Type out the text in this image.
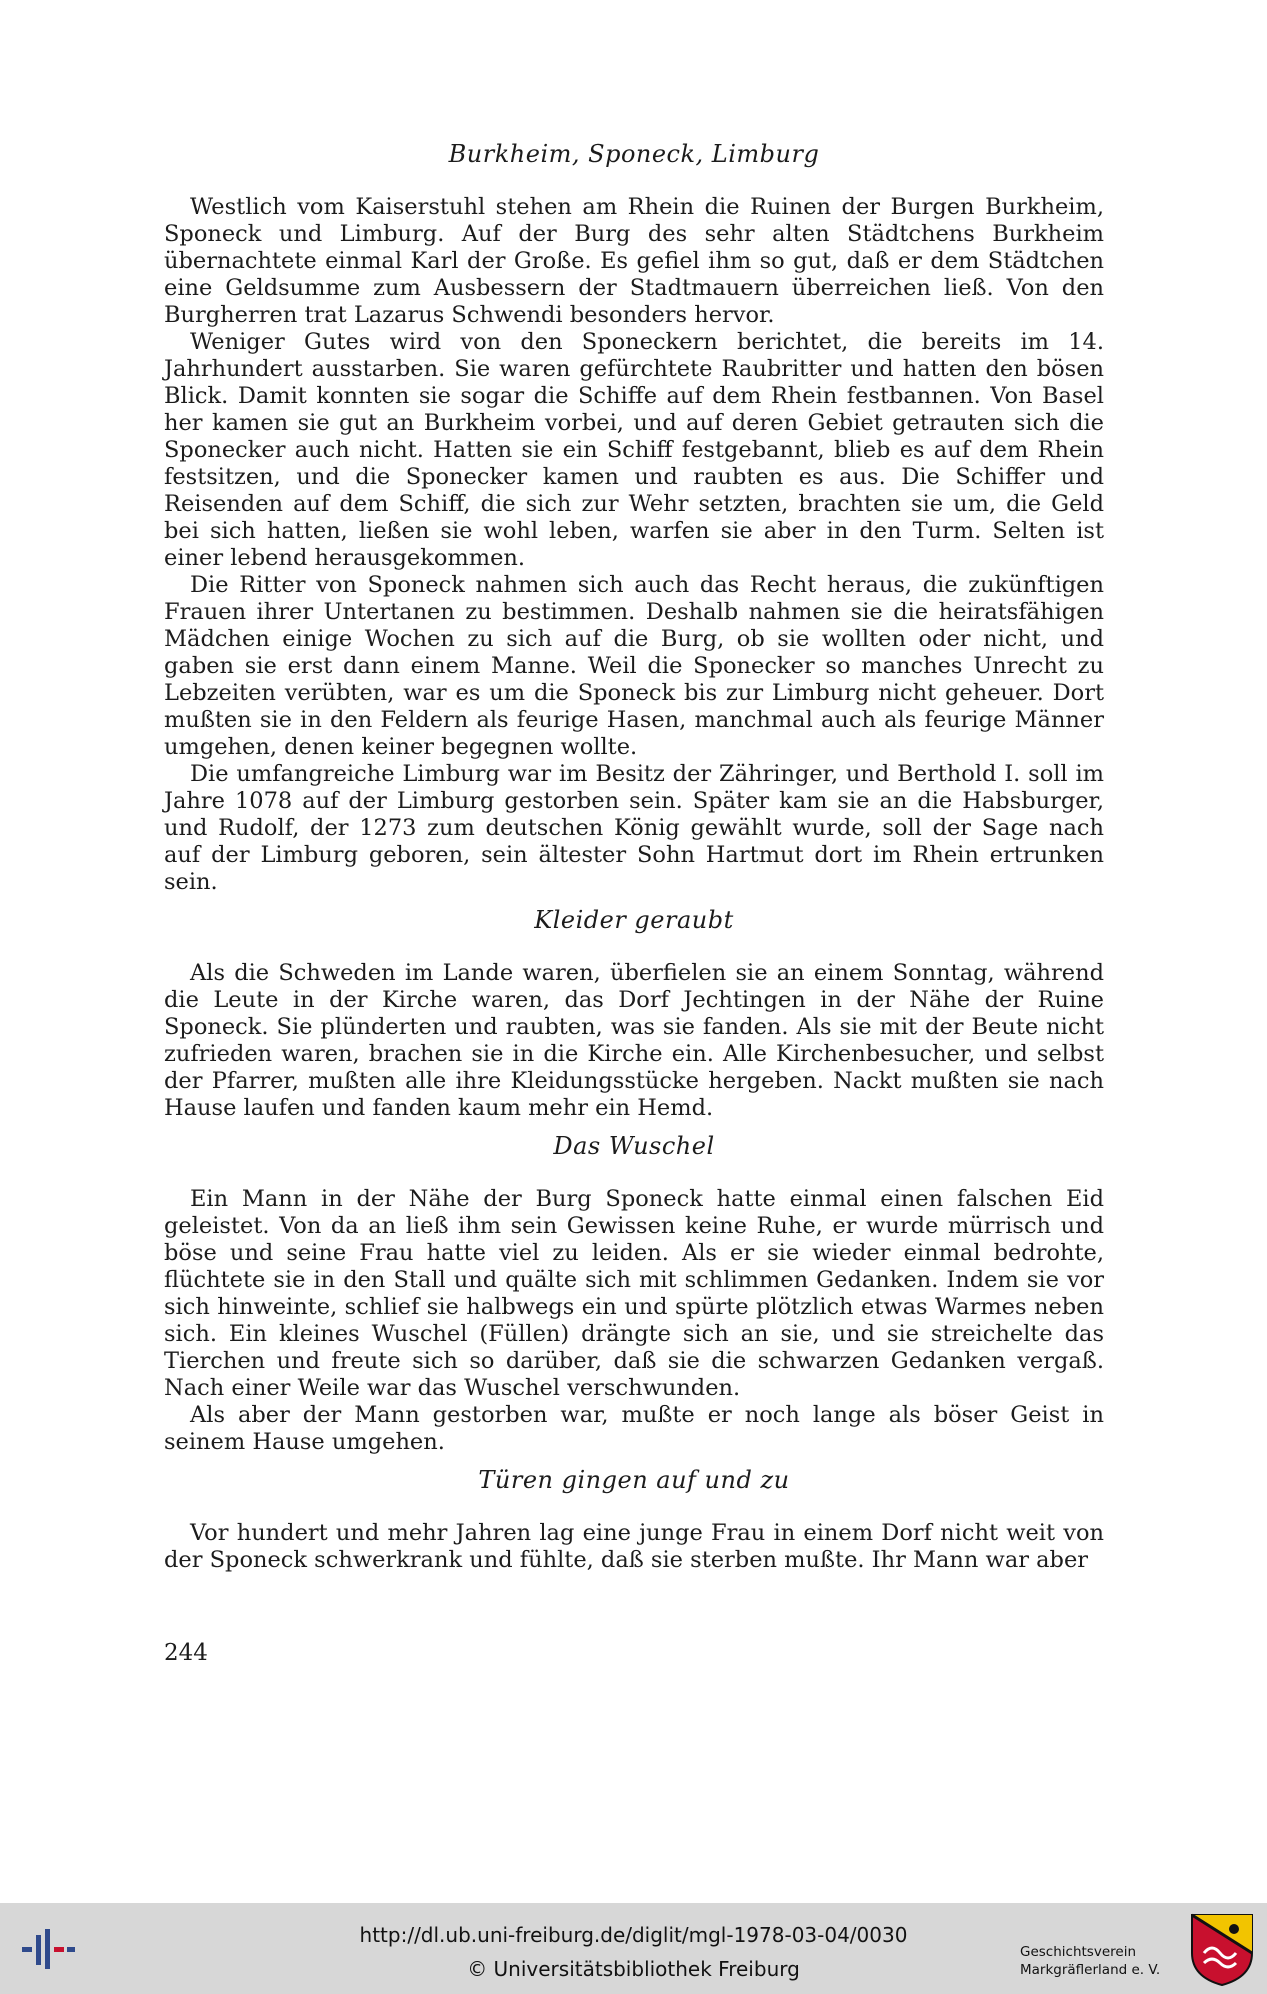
Burkheim, Sponeck, Limburg

Westlich vom Kaiserstuhl stehen am Rhein die Ruinen der Burgen Burkheim, Sponeck und Limburg. Auf der Burg des sehr alten Städtchens Burkheim übernachtete einmal Karl der Große. Es gefiel ihm so gut, daß er dem Städtchen eine Geldsumme zum Ausbessern der Stadtmauern überreichen ließ. Von den Burgherren trat Lazarus Schwendi besonders hervor.

Weniger Gutes wird von den Sponeckern berichtet, die bereits im 14. Jahrhundert ausstarben. Sie waren gefürchtete Raubritter und hatten den bösen Blick. Damit konnten sie sogar die Schiffe auf dem Rhein festbannen. Von Basel her kamen sie gut an Burkheim vorbei, und auf deren Gebiet getrauten sich die Sponecker auch nicht. Hatten sie ein Schiff festgebannt, blieb es auf dem Rhein festsitzen, und die Sponecker kamen und raubten es aus. Die Schiffer und Reisenden auf dem Schiff, die sich zur Wehr setzten, brachten sie um, die Geld bei sich hatten, ließen sie wohl leben, warfen sie aber in den Turm. Selten ist einer lebend herausgekommen.

Die Ritter von Sponeck nahmen sich auch das Recht heraus, die zukünftigen Frauen ihrer Untertanen zu bestimmen. Deshalb nahmen sie die heiratsfähigen Mädchen einige Wochen zu sich auf die Burg, ob sie wollten oder nicht, und gaben sie erst dann einem Manne. Weil die Sponecker so manches Unrecht zu Lebzeiten verübten, war es um die Sponeck bis zur Limburg nicht geheuer. Dort mußten sie in den Feldern als feurige Hasen, manchmal auch als feurige Männer umgehen, denen keiner begegnen wollte.

Die umfangreiche Limburg war im Besitz der Zähringer, und Berthold I. soll im Jahre 1078 auf der Limburg gestorben sein. Später kam sie an die Habsburger, und Rudolf, der 1273 zum deutschen König gewählt wurde, soll der Sage nach auf der Limburg geboren, sein ältester Sohn Hartmut dort im Rhein ertrunken sein.

Kleider geraubt

Als die Schweden im Lande waren, überfielen sie an einem Sonntag, während die Leute in der Kirche waren, das Dorf Jechtingen in der Nähe der Ruine Sponeck. Sie plünderten und raubten, was sie fanden. Als sie mit der Beute nicht zufrieden waren, brachen sie in die Kirche ein. Alle Kirchenbesucher, und selbst der Pfarrer, mußten alle ihre Kleidungsstücke hergeben. Nackt mußten sie nach Hause laufen und fanden kaum mehr ein Hemd.

Das Wuschel

Ein Mann in der Nähe der Burg Sponeck hatte einmal einen falschen Eid geleistet. Von da an ließ ihm sein Gewissen keine Ruhe, er wurde mürrisch und böse und seine Frau hatte viel zu leiden. Als er sie wieder einmal bedrohte, flüchtete sie in den Stall und quälte sich mit schlimmen Gedanken. Indem sie vor sich hinweinte, schlief sie halbwegs ein und spürte plötzlich etwas Warmes neben sich. Ein kleines Wuschel (Füllen) drängte sich an sie, und sie streichelte das Tierchen und freute sich so darüber, daß sie die schwarzen Gedanken vergaß. Nach einer Weile war das Wuschel verschwunden.

Als aber der Mann gestorben war, mußte er noch lange als böser Geist in seinem Hause umgehen.

Türen gingen auf und zu

Vor hundert und mehr Jahren lag eine junge Frau in einem Dorf nicht weit von der Sponeck schwerkrank und fühlte, daß sie sterben mußte. Ihr Mann war aber

244
http://dl.ub.uni-freiburg.de/diglit/mgl-1978-03-04/0030
© Universitätsbibliothek Freiburg
Geschichtsverein
Markgräflerland e. V.
